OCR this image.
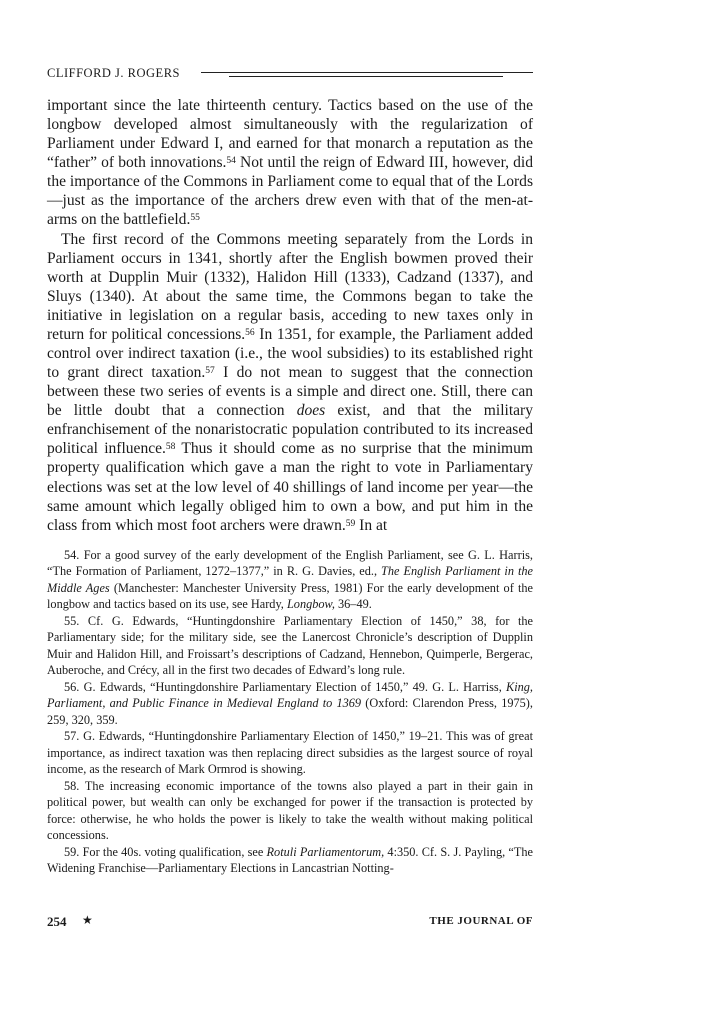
CLIFFORD J. ROGERS

important since the late thirteenth century. Tactics based on the use of the longbow developed almost simultaneously with the regularization of Parliament under Edward I, and earned for that monarch a reputation as the “father” of both innovations.$^{54}$ Not until the reign of Edward III, however, did the importance of the Commons in Parliament come to equal that of the Lords—just as the importance of the archers drew even with that of the men-at-arms on the battlefield.$^{55}$

The first record of the Commons meeting separately from the Lords in Parliament occurs in 1341, shortly after the English bowmen proved their worth at Dupplin Muir (1332), Halidon Hill (1333), Cadzand (1337), and Sluys (1340). At about the same time, the Commons began to take the initiative in legislation on a regular basis, acceding to new taxes only in return for political concessions.$^{56}$ In 1351, for example, the Parliament added control over indirect taxation (i.e., the wool subsidies) to its established right to grant direct taxation.$^{57}$ I do not mean to suggest that the connection between these two series of events is a simple and direct one. Still, there can be little doubt that a connection does exist, and that the military enfranchisement of the nonaristocratic population contributed to its increased political influence.$^{58}$ Thus it should come as no surprise that the minimum property qualification which gave a man the right to vote in Parliamentary elections was set at the low level of 40 shillings of land income per year—the same amount which legally obliged him to own a bow, and put him in the class from which most foot archers were drawn.$^{59}$ In at

54. For a good survey of the early development of the English Parliament, see G. L. Harris, “The Formation of Parliament, 1272–1377,” in R. G. Davies, ed., The English Parliament in the Middle Ages (Manchester: Manchester University Press, 1981) For the early development of the longbow and tactics based on its use, see Hardy, Longbow, 36–49.

55. Cf. G. Edwards, “Huntingdonshire Parliamentary Election of 1450,” 38, for the Parliamentary side; for the military side, see the Lanercost Chronicle’s description of Dupplin Muir and Halidon Hill, and Froissart’s descriptions of Cadzand, Hennebon, Quimperle, Bergerac, Auberoche, and Crécy, all in the first two decades of Edward’s long rule.

56. G. Edwards, “Huntingdonshire Parliamentary Election of 1450,” 49. G. L. Harriss, King, Parliament, and Public Finance in Medieval England to 1369 (Oxford: Clarendon Press, 1975), 259, 320, 359.

57. G. Edwards, “Huntingdonshire Parliamentary Election of 1450,” 19–21. This was of great importance, as indirect taxation was then replacing direct subsidies as the largest source of royal income, as the research of Mark Ormrod is showing.

58. The increasing economic importance of the towns also played a part in their gain in political power, but wealth can only be exchanged for power if the transaction is protected by force: otherwise, he who holds the power is likely to take the wealth without making political concessions.

59. For the 40s. voting qualification, see Rotuli Parliamentorum, 4:350. Cf. S. J. Payling, “The Widening Franchise—Parliamentary Elections in Lancastrian Notting-

254 ★	THE JOURNAL OF
